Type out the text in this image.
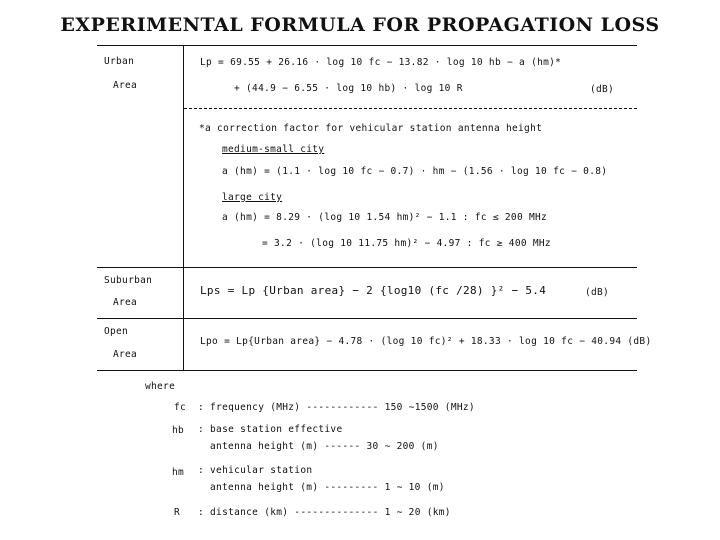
EXPERIMENTAL FORMULA FOR PROPAGATION LOSS
Urban
Area
Lp = 69.55 + 26.16 · log 10 fc − 13.82 · log 10 hb − a (hm)*
+ (44.9 − 6.55 · log 10 hb) · log 10 R	(dB)
*a correction factor for vehicular station antenna height
medium-small city
a (hm) = (1.1 · log 10 fc − 0.7) · hm − (1.56 · log 10 fc − 0.8)
large city
a (hm) = 8.29 · (log 10 1.54 hm)² − 1.1 : fc ≤ 200 MHz
= 3.2 · (log 10 11.75 hm)² − 4.97 : fc ≥ 400 MHz
Suburban
Area
Lps = Lp {Urban area} − 2 {log10 (fc /28) }² − 5.4	(dB)
Open
Area
Lpo = Lp{Urban area} − 4.78 · (log 10 fc)² + 18.33 · log 10 fc − 40.94 (dB)
where
fc : frequency (MHz) ------------ 150 ∼1500 (MHz)
hb : base station effective
antenna height (m) ------ 30 ∼ 200 (m)
hm : vehicular station
antenna height (m) --------- 1 ∼ 10 (m)
R : distance (km) -------------- 1 ∼ 20 (km)
